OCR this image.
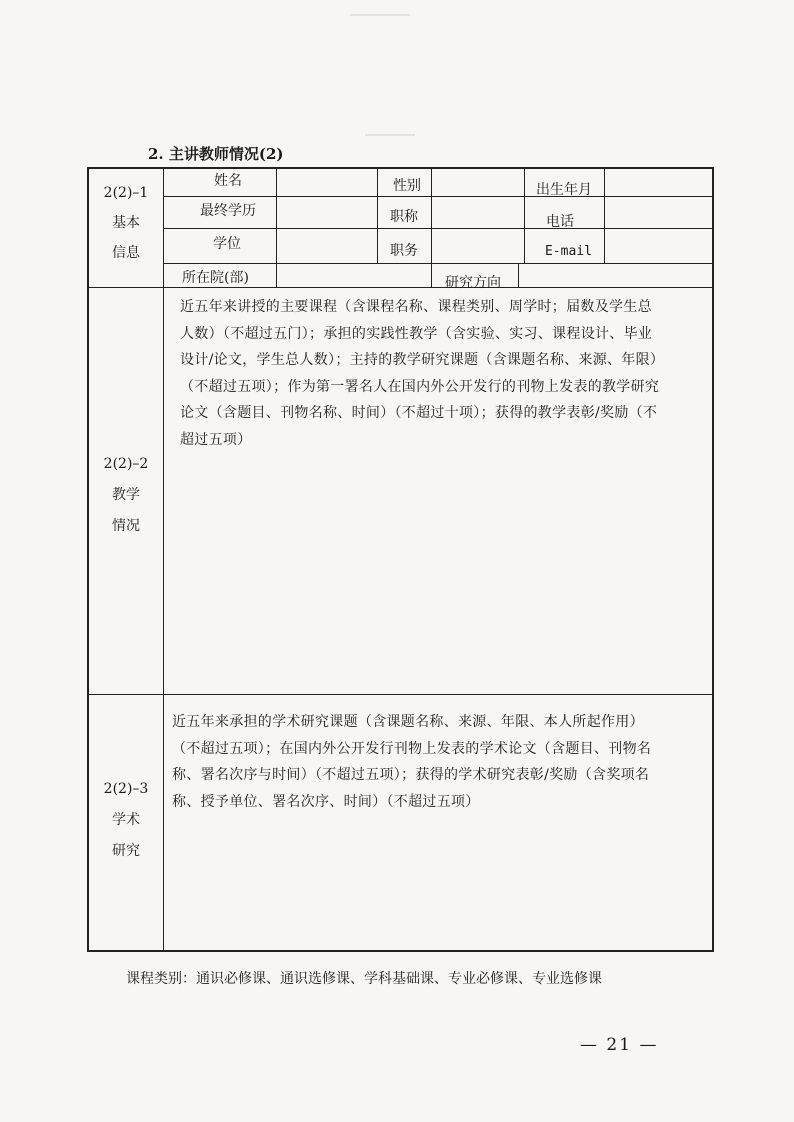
2. 主讲教师情况(2)
2(2)–1
基本
信息
姓名	性别	出生年月
最终学历	职称	电话
学位	职务	E-mail
所在院(部)	研究方向
2(2)–2
教学
情况
近五年来讲授的主要课程（含课程名称、课程类别、周学时；届数及学生总
人数）（不超过五门）；承担的实践性教学（含实验、实习、课程设计、毕业
设计/论文，学生总人数）；主持的教学研究课题（含课题名称、来源、年限）
（不超过五项）；作为第一署名人在国内外公开发行的刊物上发表的教学研究
论文（含题目、刊物名称、时间）（不超过十项）；获得的教学表彰/奖励（不
超过五项）
2(2)–3
学术
研究
近五年来承担的学术研究课题（含课题名称、来源、年限、本人所起作用）
（不超过五项）；在国内外公开发行刊物上发表的学术论文（含题目、刊物名
称、署名次序与时间）（不超过五项）；获得的学术研究表彰/奖励（含奖项名
称、授予单位、署名次序、时间）（不超过五项）
课程类别：通识必修课、通识选修课、学科基础课、专业必修课、专业选修课
— 21 —
